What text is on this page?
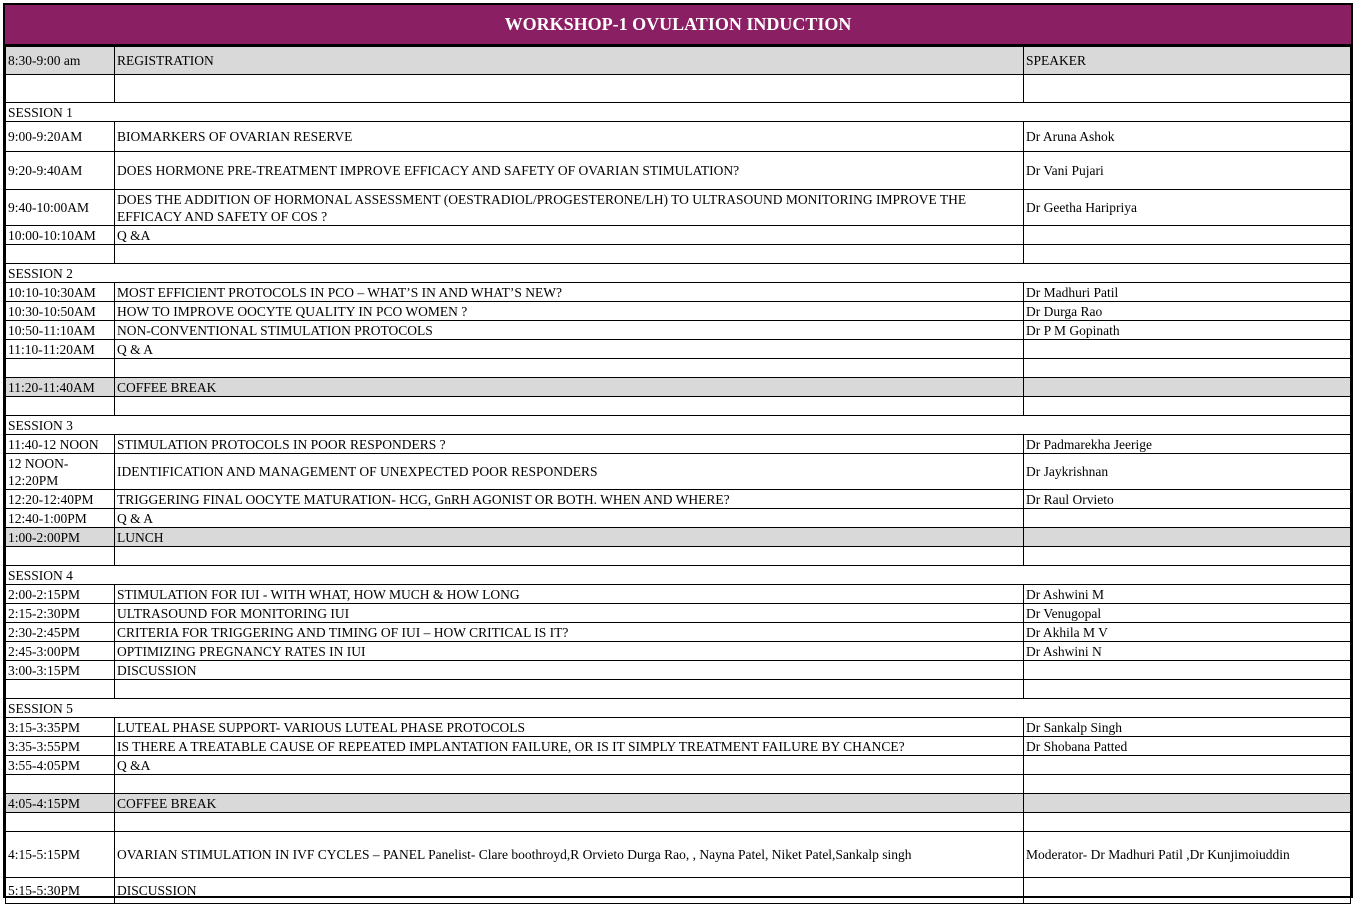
WORKSHOP-1 OVULATION INDUCTION
8:30-9:00 am	REGISTRATION	SPEAKER

SESSION 1		
9:00-9:20AM	BIOMARKERS OF OVARIAN RESERVE	Dr Aruna Ashok
9:20-9:40AM	DOES HORMONE PRE-TREATMENT IMPROVE EFFICACY AND SAFETY OF OVARIAN STIMULATION?	Dr Vani Pujari
9:40-10:00AM	DOES THE ADDITION OF HORMONAL ASSESSMENT (OESTRADIOL/PROGESTERONE/LH) TO ULTRASOUND MONITORING IMPROVE THE EFFICACY AND SAFETY OF COS ?	Dr Geetha Haripriya
10:00-10:10AM	Q &A	

SESSION 2		
10:10-10:30AM	MOST EFFICIENT PROTOCOLS IN PCO – WHAT’S IN AND WHAT’S NEW?	Dr Madhuri Patil
10:30-10:50AM	HOW TO IMPROVE OOCYTE QUALITY IN PCO WOMEN ?	Dr Durga Rao
10:50-11:10AM	NON-CONVENTIONAL STIMULATION PROTOCOLS	Dr P M Gopinath
11:10-11:20AM	Q & A	

11:20-11:40AM	COFFEE BREAK	

SESSION 3		
11:40-12 NOON	STIMULATION PROTOCOLS IN POOR RESPONDERS ?	Dr Padmarekha Jeerige
12 NOON-12:20PM	IDENTIFICATION AND MANAGEMENT OF UNEXPECTED POOR RESPONDERS	Dr Jaykrishnan
12:20-12:40PM	TRIGGERING FINAL OOCYTE MATURATION- HCG, GnRH AGONIST OR BOTH. WHEN AND WHERE?	Dr Raul Orvieto
12:40-1:00PM	Q & A	
1:00-2:00PM	LUNCH	

SESSION 4		
2:00-2:15PM	STIMULATION FOR IUI - WITH WHAT, HOW MUCH & HOW LONG	Dr Ashwini M
2:15-2:30PM	ULTRASOUND FOR MONITORING IUI	Dr Venugopal
2:30-2:45PM	CRITERIA FOR TRIGGERING AND TIMING OF IUI – HOW CRITICAL IS IT?	Dr Akhila M V
2:45-3:00PM	OPTIMIZING PREGNANCY RATES IN IUI	Dr Ashwini N
3:00-3:15PM	DISCUSSION	

SESSION 5		
3:15-3:35PM	LUTEAL PHASE SUPPORT- VARIOUS LUTEAL PHASE PROTOCOLS	Dr Sankalp Singh
3:35-3:55PM	IS THERE A TREATABLE CAUSE OF REPEATED IMPLANTATION FAILURE, OR IS IT SIMPLY TREATMENT FAILURE BY CHANCE?	Dr Shobana Patted
3:55-4:05PM	Q &A	

4:05-4:15PM	COFFEE BREAK	

4:15-5:15PM	OVARIAN STIMULATION IN IVF CYCLES – PANEL Panelist- Clare boothroyd,R Orvieto Durga Rao, , Nayna Patel, Niket Patel,Sankalp singh	Moderator- Dr Madhuri Patil ,Dr Kunjimoiuddin
5:15-5:30PM	DISCUSSION	
